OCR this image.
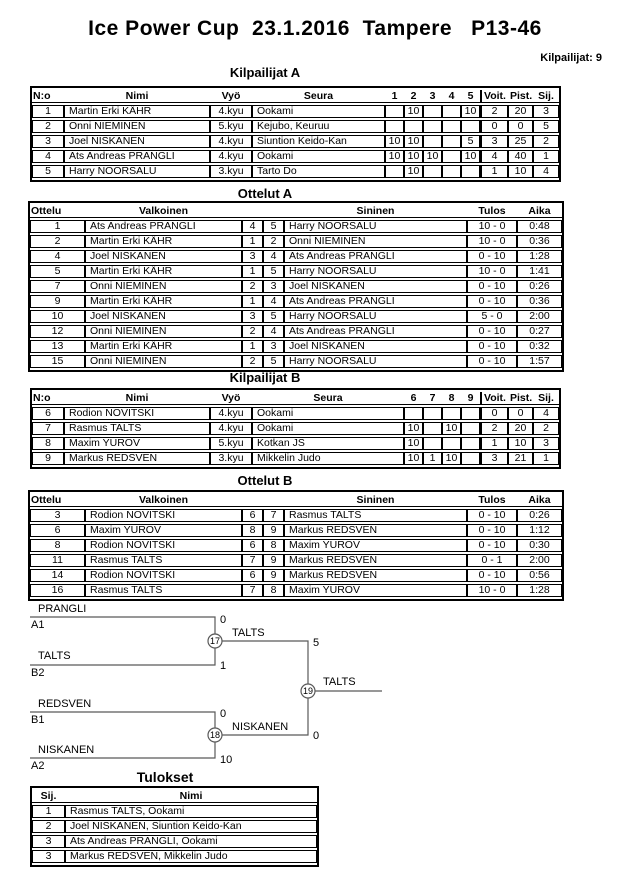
Ice Power Cup  23.1.2016  Tampere   P13-46
Kilpailijat: 9
Kilpailijat A
N:o	Nimi	Vyö	Seura	1	2	3	4	5	Voit.	Pist.	Sij.
1	Martin Erki KÄHR	4.kyu	Ookami		10			10	2	20	3
2	Onni NIEMINEN	5.kyu	Kejubo, Keuruu						0	0	5
3	Joel NISKANEN	4.kyu	Siuntion Keido-Kan	10	10			5	3	25	2
4	Ats Andreas PRANGLI	4.kyu	Ookami	10	10	10		10	4	40	1
5	Harry NOORSALU	3.kyu	Tarto Do		10				1	10	4
Ottelut A
Ottelu	Valkoinen			Sininen	Tulos	Aika
1	Ats Andreas PRANGLI	4	5	Harry NOORSALU	10 - 0	0:48
2	Martin Erki KÄHR	1	2	Onni NIEMINEN	10 - 0	0:36
4	Joel NISKANEN	3	4	Ats Andreas PRANGLI	0 - 10	1:28
5	Martin Erki KÄHR	1	5	Harry NOORSALU	10 - 0	1:41
7	Onni NIEMINEN	2	3	Joel NISKANEN	0 - 10	0:26
9	Martin Erki KÄHR	1	4	Ats Andreas PRANGLI	0 - 10	0:36
10	Joel NISKANEN	3	5	Harry NOORSALU	5 - 0	2:00
12	Onni NIEMINEN	2	4	Ats Andreas PRANGLI	0 - 10	0:27
13	Martin Erki KÄHR	1	3	Joel NISKANEN	0 - 10	0:32
15	Onni NIEMINEN	2	5	Harry NOORSALU	0 - 10	1:57
Kilpailijat B
N:o	Nimi	Vyö	Seura	6	7	8	9	Voit.	Pist.	Sij.
6	Rodion NOVITSKI	4.kyu	Ookami					0	0	4
7	Rasmus TALTS	4.kyu	Ookami	10		10		2	20	2
8	Maxim YUROV	5.kyu	Kotkan JS	10				1	10	3
9	Markus REDSVEN	3.kyu	Mikkelin Judo	10	1	10		3	21	1
Ottelut B
Ottelu	Valkoinen			Sininen	Tulos	Aika
3	Rodion NOVITSKI	6	7	Rasmus TALTS	0 - 10	0:26
6	Maxim YUROV	8	9	Markus REDSVEN	0 - 10	1:12
8	Rodion NOVITSKI	6	8	Maxim YUROV	0 - 10	0:30
11	Rasmus TALTS	7	9	Markus REDSVEN	0 - 1	2:00
14	Rodion NOVITSKI	6	9	Markus REDSVEN	0 - 10	0:56
16	Rasmus TALTS	7	8	Maxim YUROV	10 - 0	1:28
PRANGLI
A1	0
TALTS
B2
1
17
TALTS
5
REDSVEN
B1	0
NISKANEN
A2	10
18
NISKANEN
0
19
TALTS
Tulokset
Sij.	Nimi
1	Rasmus TALTS, Ookami
2	Joel NISKANEN, Siuntion Keido-Kan
3	Ats Andreas PRANGLI, Ookami
3	Markus REDSVEN, Mikkelin Judo
